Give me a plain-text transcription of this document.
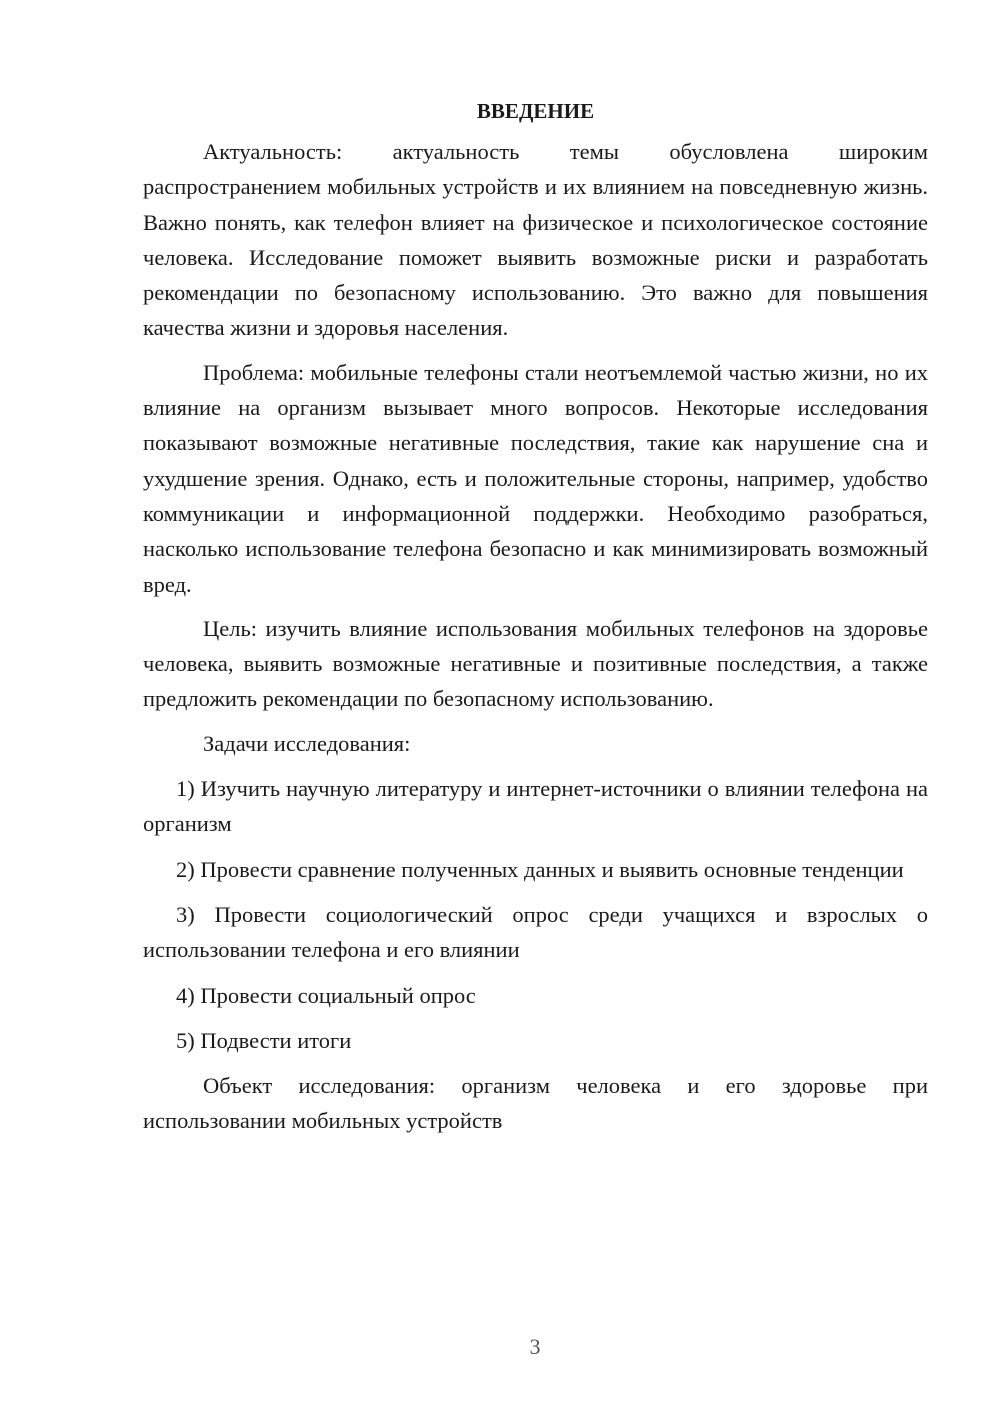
ВВЕДЕНИЕ

Актуальность: актуальность темы обусловлена широким распространением мобильных устройств и их влиянием на повседневную жизнь. Важно понять, как телефон влияет на физическое и психологическое состояние человека. Исследование поможет выявить возможные риски и разработать рекомендации по безопасному использованию. Это важно для повышения качества жизни и здоровья населения.

Проблема: мобильные телефоны стали неотъемлемой частью жизни, но их влияние на организм вызывает много вопросов. Некоторые исследования показывают возможные негативные последствия, такие как нарушение сна и ухудшение зрения. Однако, есть и положительные стороны, например, удобство коммуникации и информационной поддержки. Необходимо разобраться, насколько использование телефона безопасно и как минимизировать возможный вред.

Цель: изучить влияние использования мобильных телефонов на здоровье человека, выявить возможные негативные и позитивные последствия, а также предложить рекомендации по безопасному использованию.

Задачи исследования:

1) Изучить научную литературу и интернет-источники о влиянии телефона на организм

2) Провести сравнение полученных данных и выявить основные тенденции

3) Провести социологический опрос среди учащихся и взрослых о использовании телефона и его влиянии

4) Провести социальный опрос

5) Подвести итоги

Объект исследования: организм человека и его здоровье при использовании мобильных устройств

3
